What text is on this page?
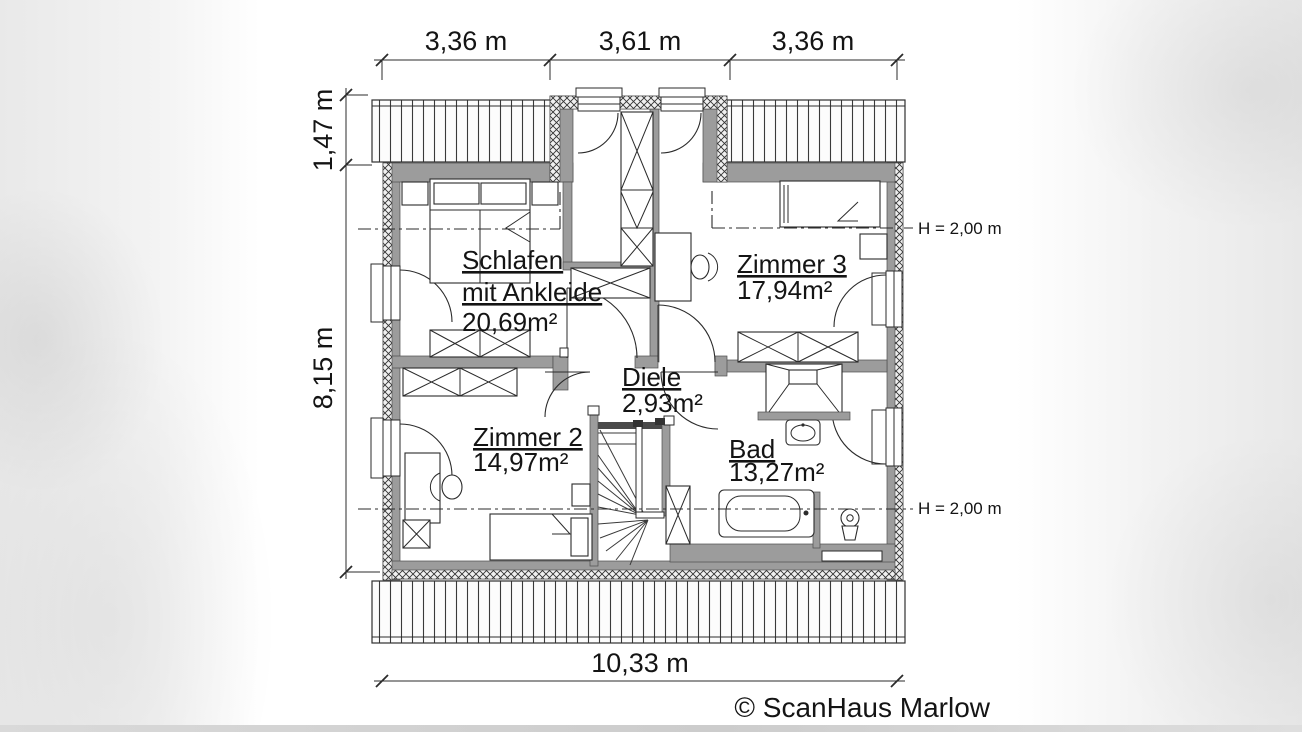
H = 2,00 m
H = 2,00 m
3,36 m	3,61 m	3,36 m
1,47 m
8,15 m
10,33 m
Schlafen
mit Ankleide
20,69m²
Zimmer 3
17,94m²
Zimmer 2
14,97m²
Diele
2,93m²
Bad
13,27m²
© ScanHaus Marlow
